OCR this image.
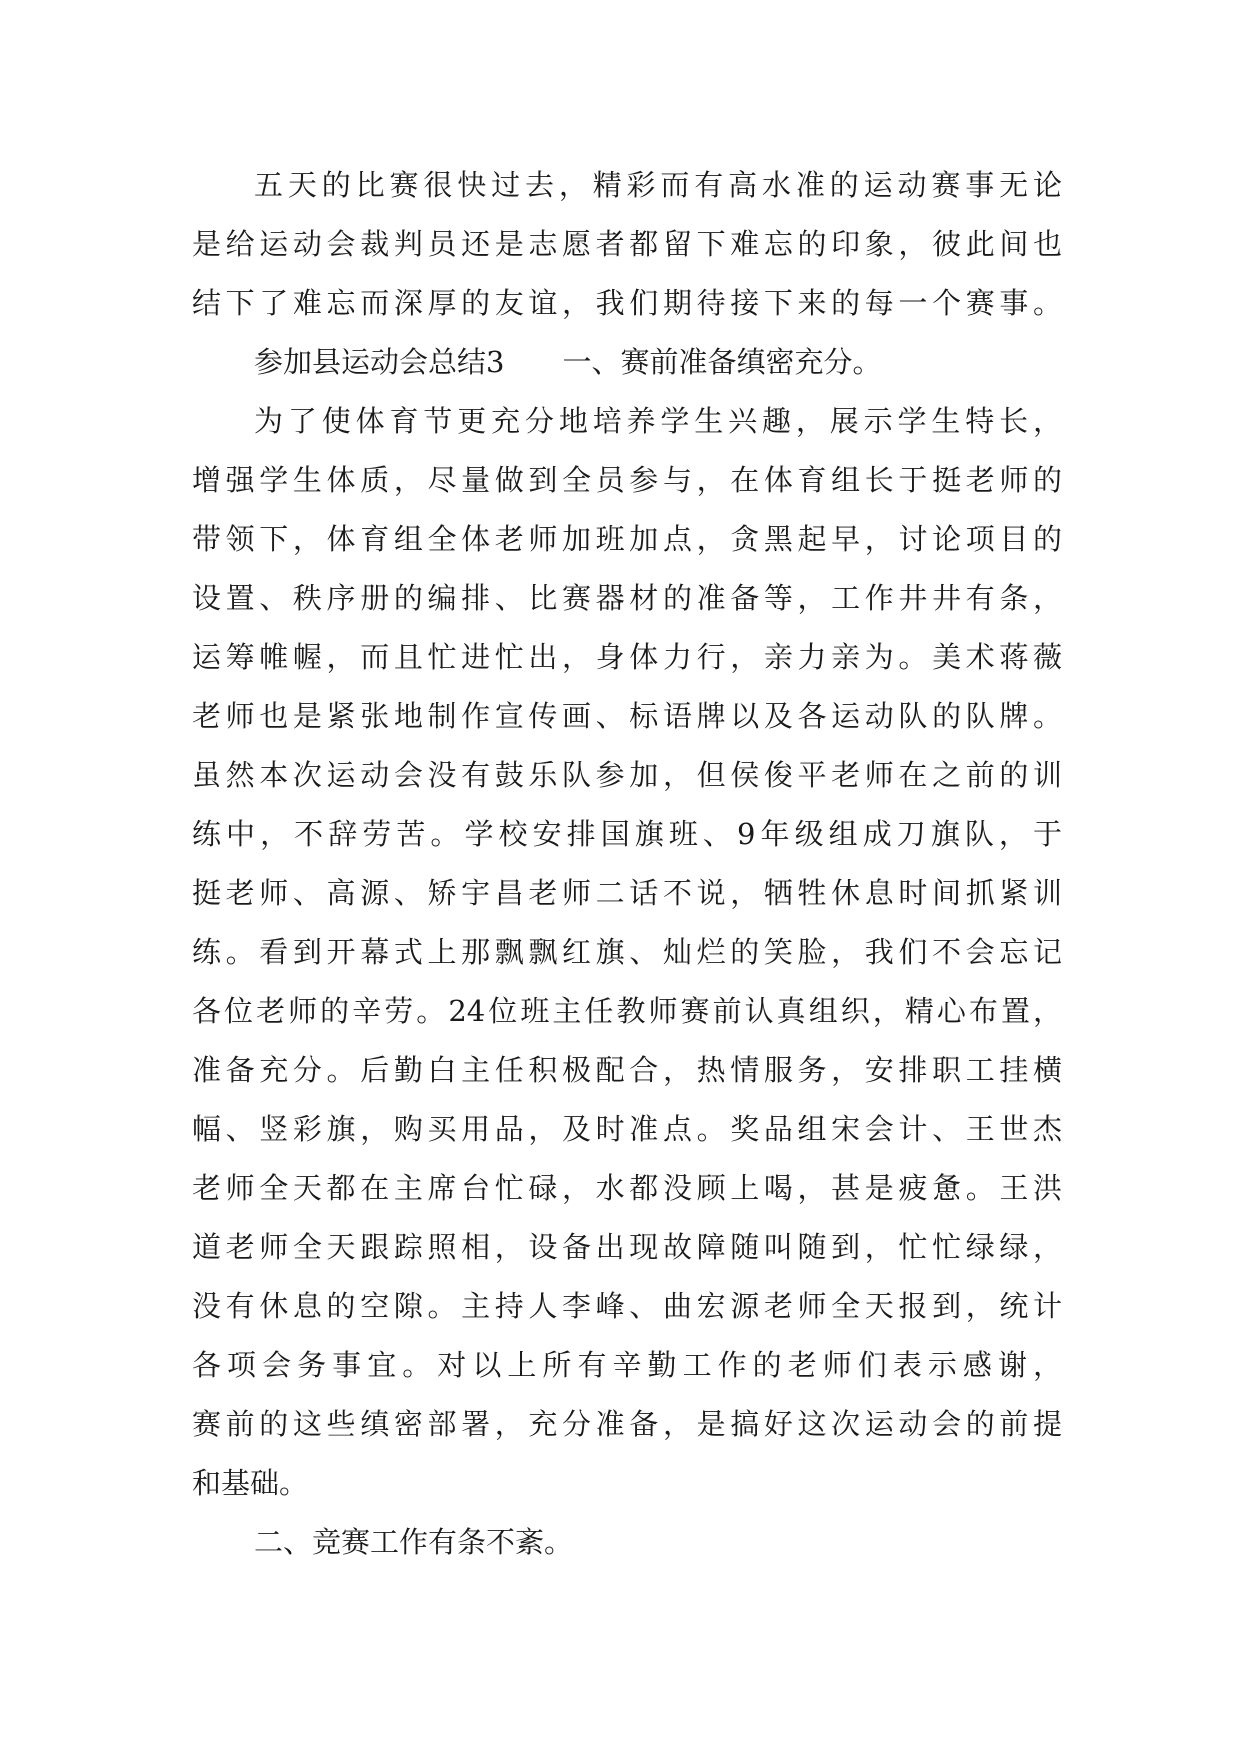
五天的比赛很快过去，精彩而有高水准的运动赛事无论
是给运动会裁判员还是志愿者都留下难忘的印象，彼此间也
结下了难忘而深厚的友谊，我们期待接下来的每一个赛事。
参加县运动会总结3　　一、赛前准备缜密充分。
为了使体育节更充分地培养学生兴趣，展示学生特长，
增强学生体质，尽量做到全员参与，在体育组长于挺老师的
带领下，体育组全体老师加班加点，贪黑起早，讨论项目的
设置、秩序册的编排、比赛器材的准备等，工作井井有条，
运筹帷幄，而且忙进忙出，身体力行，亲力亲为。美术蒋薇
老师也是紧张地制作宣传画、标语牌以及各运动队的队牌。
虽然本次运动会没有鼓乐队参加，但侯俊平老师在之前的训
练中，不辞劳苦。学校安排国旗班、9年级组成刀旗队，于
挺老师、高源、矫宇昌老师二话不说，牺牲休息时间抓紧训
练。看到开幕式上那飘飘红旗、灿烂的笑脸，我们不会忘记
各位老师的辛劳。24位班主任教师赛前认真组织，精心布置，
准备充分。后勤白主任积极配合，热情服务，安排职工挂横
幅、竖彩旗，购买用品，及时准点。奖品组宋会计、王世杰
老师全天都在主席台忙碌，水都没顾上喝，甚是疲惫。王洪
道老师全天跟踪照相，设备出现故障随叫随到，忙忙绿绿，
没有休息的空隙。主持人李峰、曲宏源老师全天报到，统计
各项会务事宜。对以上所有辛勤工作的老师们表示感谢，
赛前的这些缜密部署，充分准备，是搞好这次运动会的前提
和基础。
二、竞赛工作有条不紊。
